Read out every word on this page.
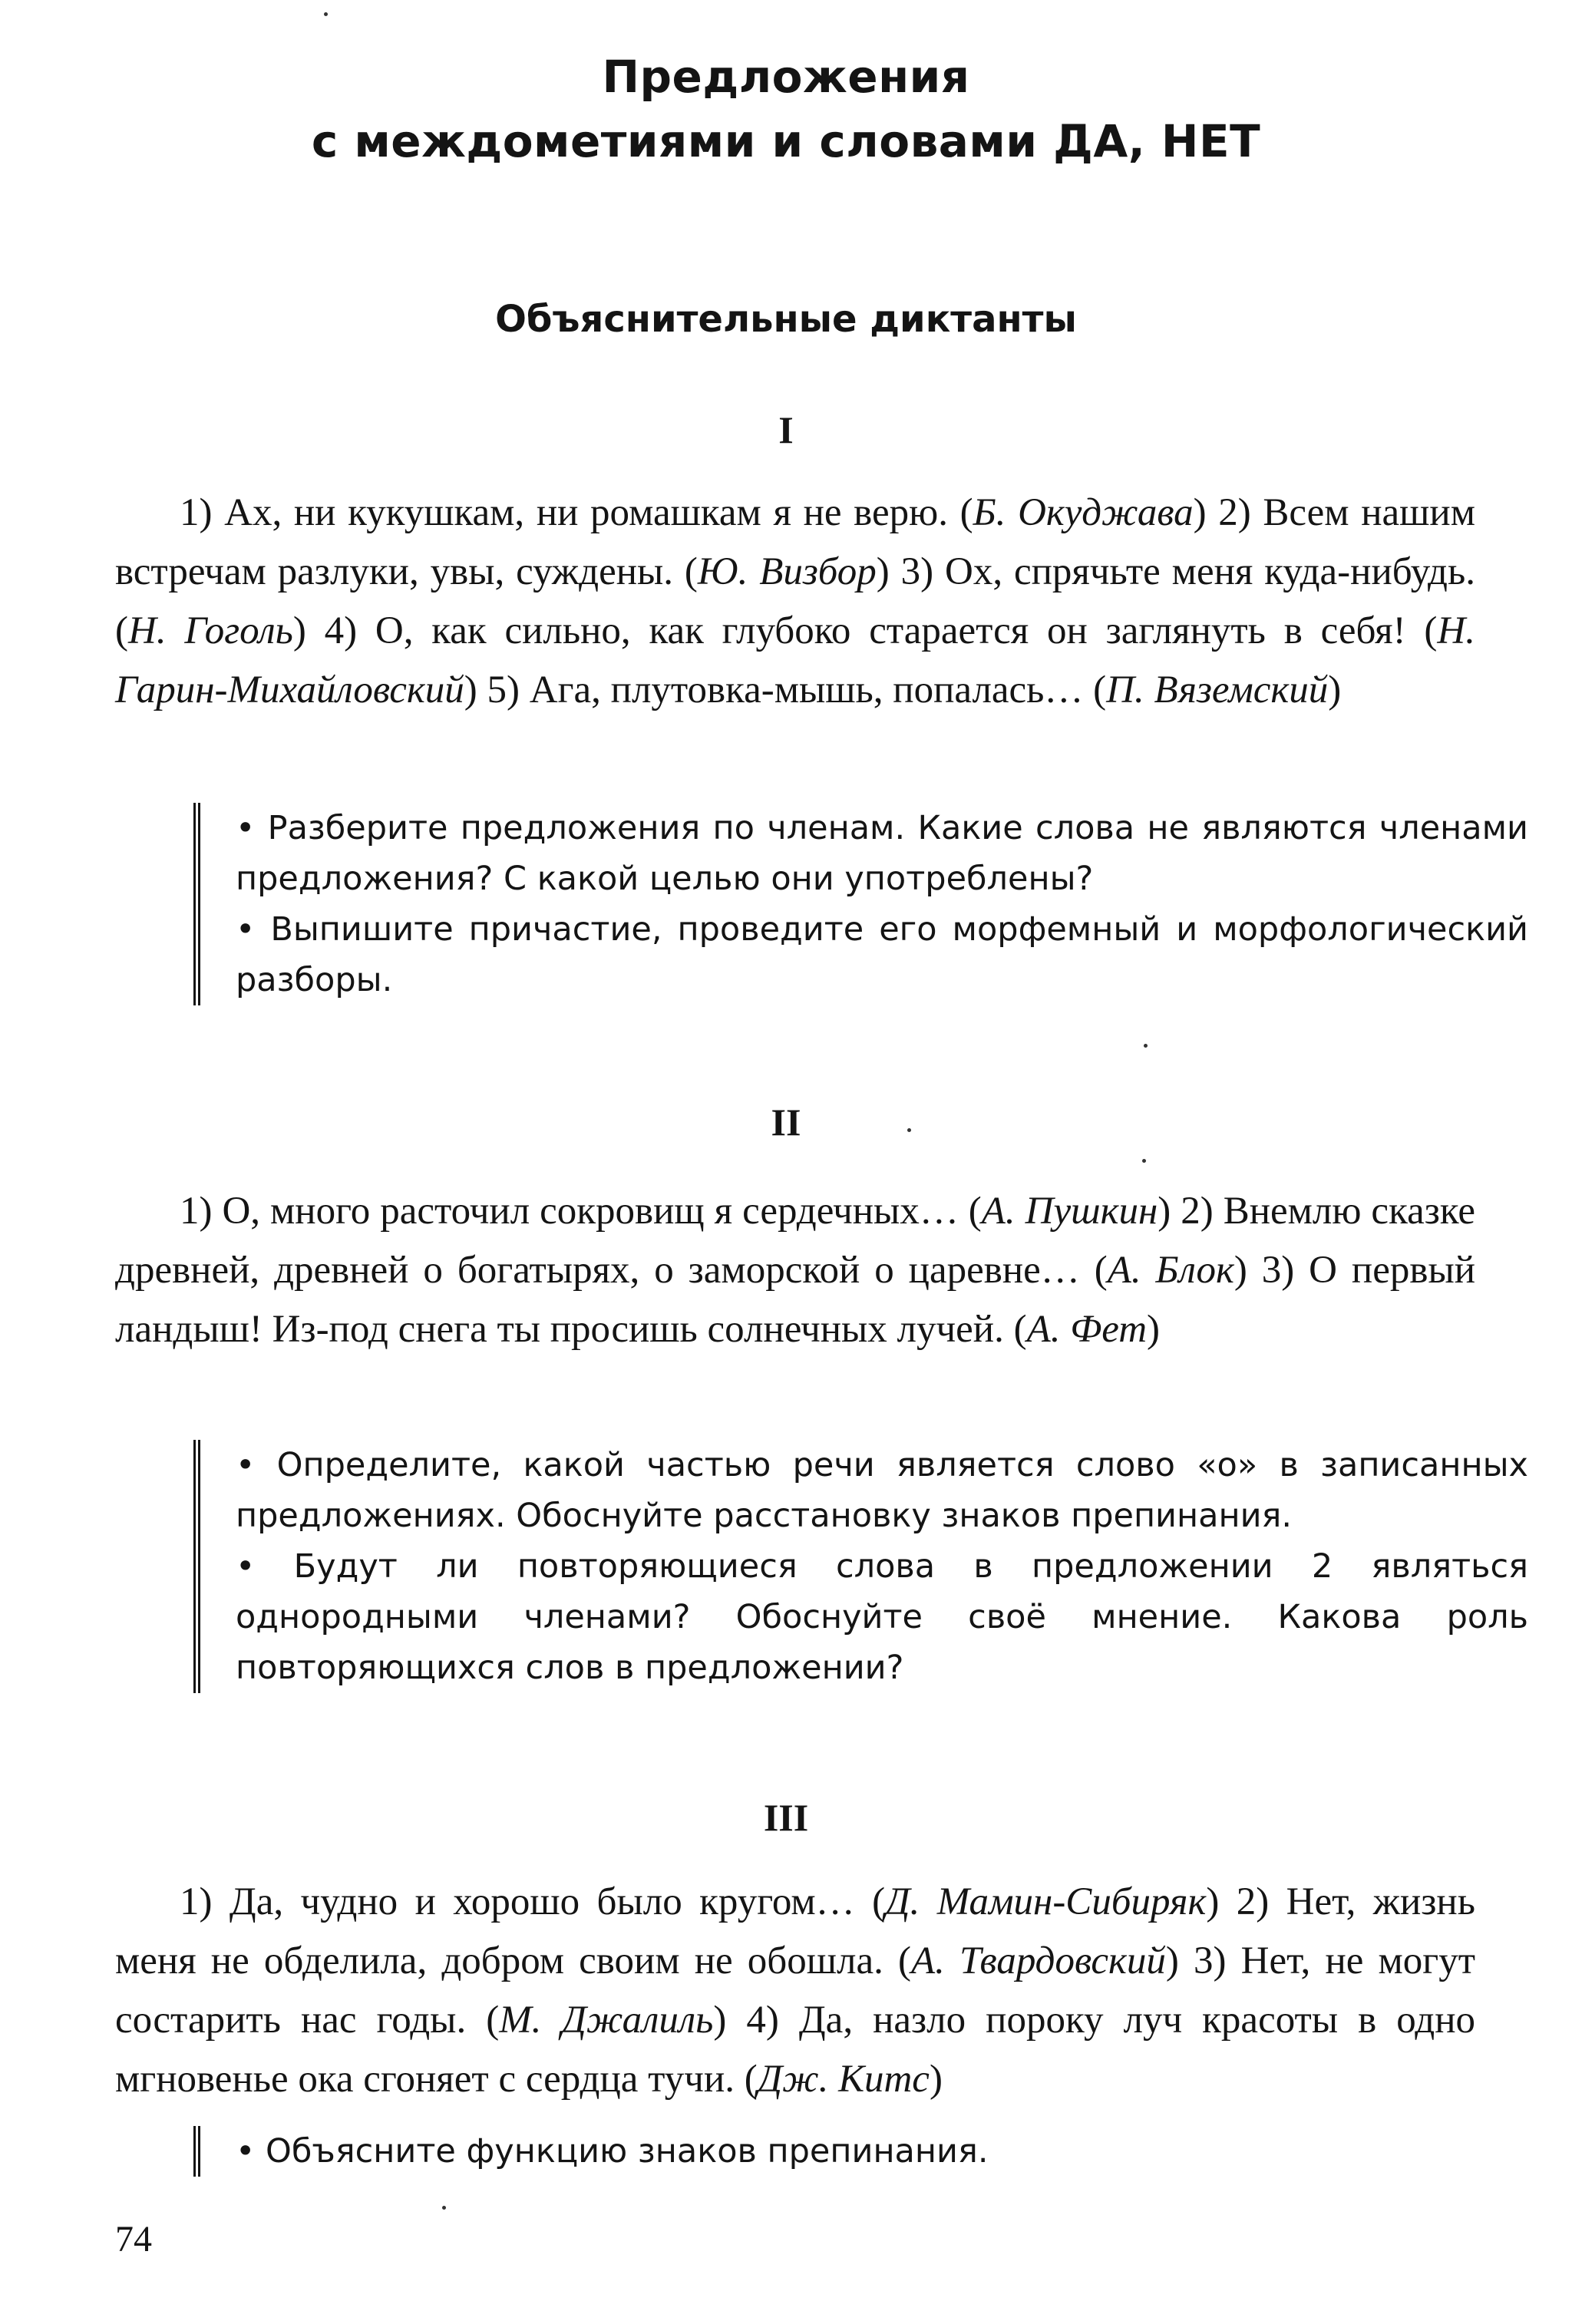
Предложения
с междометиями и словами ДА, НЕТ
Объяснительные диктанты
I

1) Ах, ни кукушкам, ни ромашкам я не верю. (Б. Окуджава) 2) Всем нашим встречам разлуки, увы, суждены. (Ю. Визбор) 3) Ох, спрячьте меня куда-нибудь. (Н. Гоголь) 4) О, как сильно, как глубоко старается он заглянуть в себя! (Н. Гарин-Михайловский) 5) Ага, плутовка-мышь, попалась… (П. Вяземский)

• Разберите предложения по членам. Какие слова не являются членами предложения? С какой целью они употреблены?

• Выпишите причастие, проведите его морфемный и морфологический разборы.

II

1) О, много расточил сокровищ я сердечных… (А. Пушкин) 2) Внемлю сказке древней, древней о богатырях, о заморской о царевне… (А. Блок) 3) О первый ландыш! Из-под снега ты просишь солнечных лучей. (А. Фет)

• Определите, какой частью речи является слово «о» в записанных предложениях. Обоснуйте расстановку знаков препинания.

• Будут ли повторяющиеся слова в предложении 2 являться однородными членами? Обоснуйте своё мнение. Какова роль повторяющихся слов в предложении?

III

1) Да, чудно и хорошо было кругом… (Д. Мамин-Сибиряк) 2) Нет, жизнь меня не обделила, добром своим не обошла. (А. Твардовский) 3) Нет, не могут состарить нас годы. (М. Джалиль) 4) Да, назло пороку луч красоты в одно мгновенье ока сгоняет с сердца тучи. (Дж. Китс)

• Объясните функцию знаков препинания.

74
